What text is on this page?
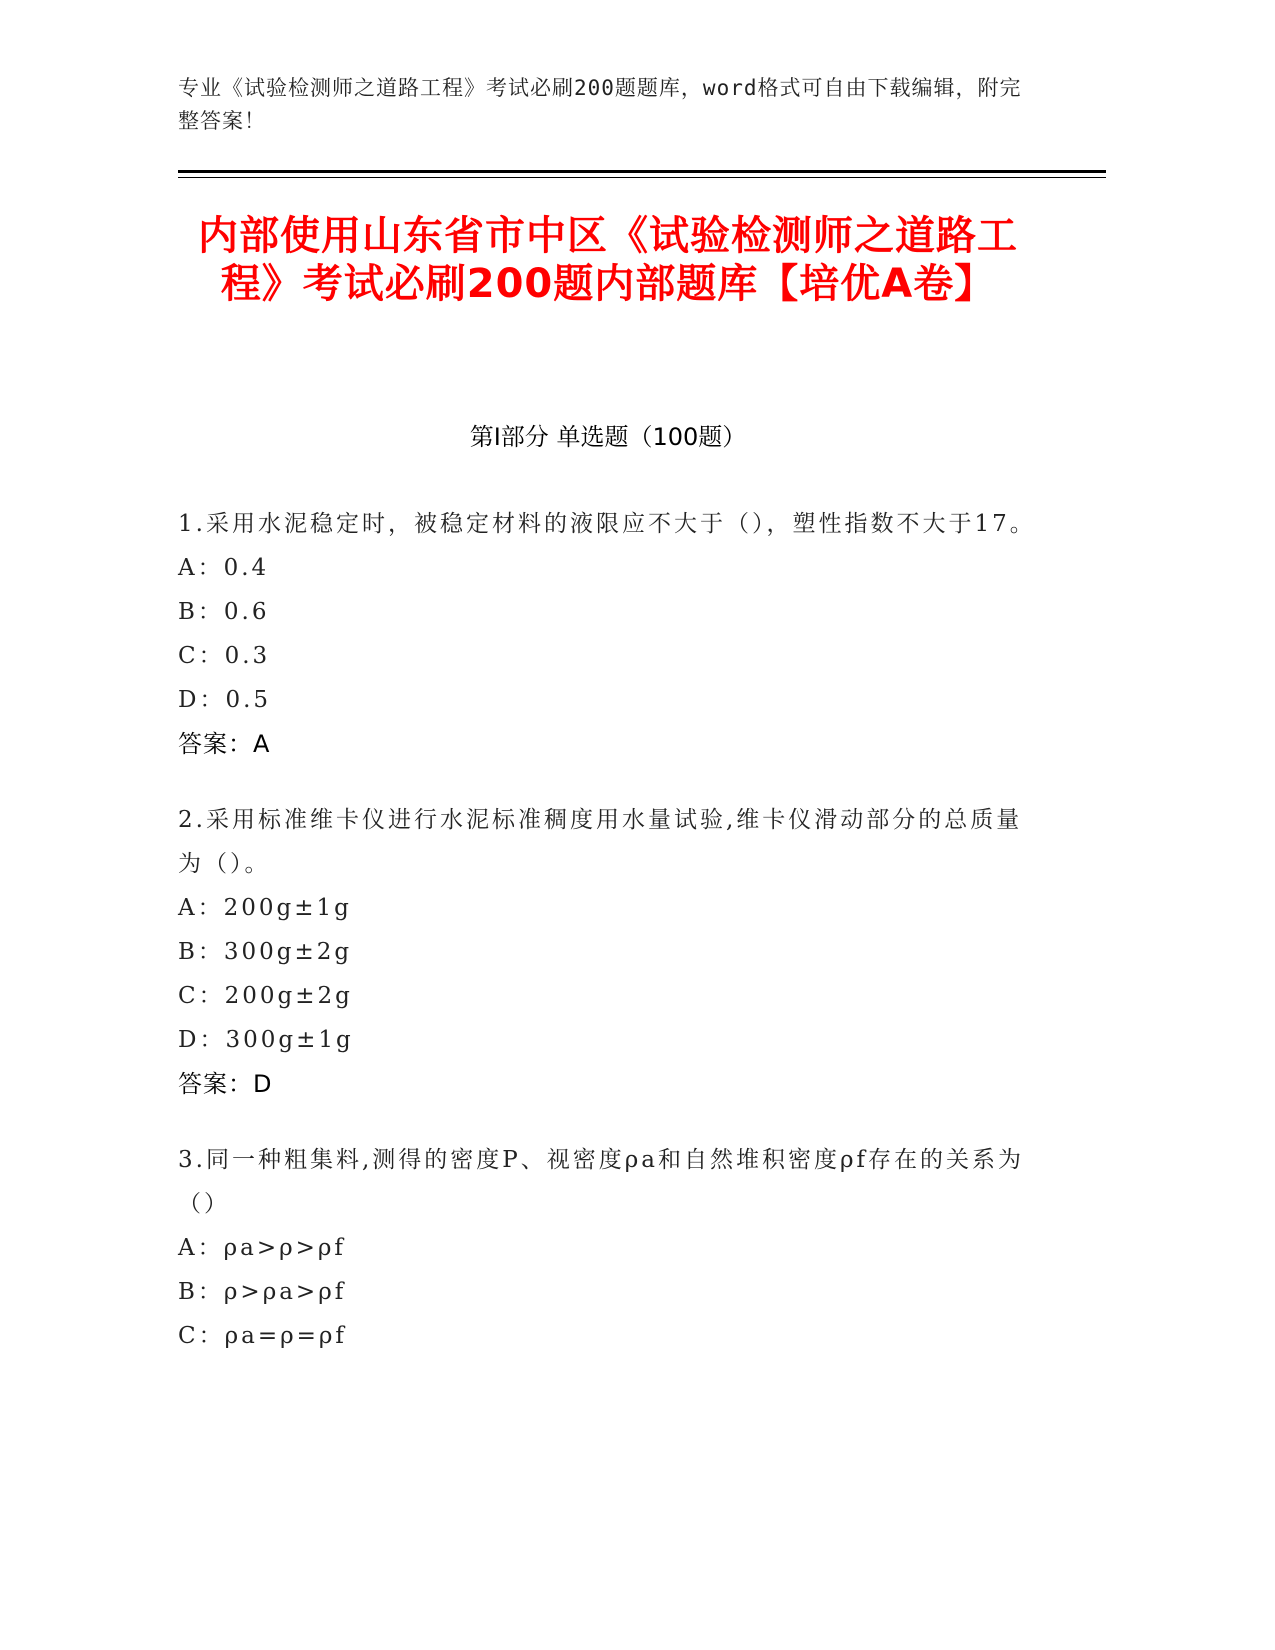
专业《试验检测师之道路工程》考试必刷200题题库，word格式可自由下载编辑，附完整答案！
内部使用山东省市中区《试验检测师之道路工程》考试必刷200题内部题库【培优A卷】
第Ⅰ部分 单选题（100题）
1.采用水泥稳定时，被稳定材料的液限应不大于（），塑性指数不大于17。
A：0.4
B：0.6
C：0.3
D：0.5
答案：A
2.采用标准维卡仪进行水泥标准稠度用水量试验,维卡仪滑动部分的总质量为（）。
A：200g±1g
B：300g±2g
C：200g±2g
D：300g±1g
答案：D
3.同一种粗集料,测得的密度P、视密度ρa和自然堆积密度ρf存在的关系为（）
A：ρa>ρ>ρf
B：ρ>ρa>ρf
C：ρa=ρ=ρf
